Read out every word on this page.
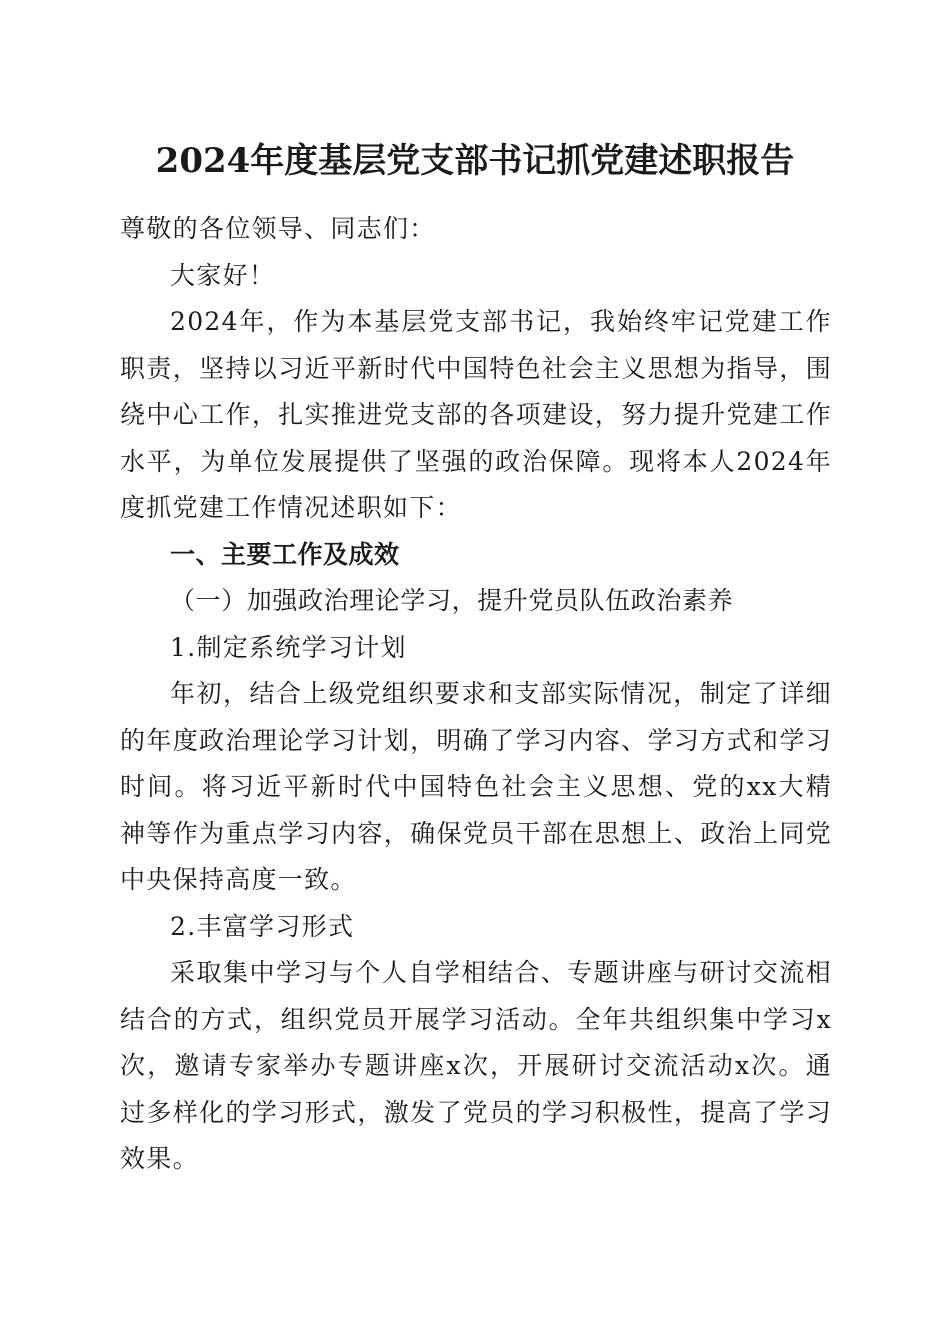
2024年度基层党支部书记抓党建述职报告

尊敬的各位领导、同志们：

大家好！

2024年，作为本基层党支部书记，我始终牢记党建工作职责，坚持以习近平新时代中国特色社会主义思想为指导，围绕中心工作，扎实推进党支部的各项建设，努力提升党建工作水平，为单位发展提供了坚强的政治保障。现将本人2024年度抓党建工作情况述职如下：

一、主要工作及成效

（一）加强政治理论学习，提升党员队伍政治素养

1.制定系统学习计划

年初，结合上级党组织要求和支部实际情况，制定了详细的年度政治理论学习计划，明确了学习内容、学习方式和学习时间。将习近平新时代中国特色社会主义思想、党的xx大精神等作为重点学习内容，确保党员干部在思想上、政治上同党中央保持高度一致。

2.丰富学习形式

采取集中学习与个人自学相结合、专题讲座与研讨交流相结合的方式，组织党员开展学习活动。全年共组织集中学习x次，邀请专家举办专题讲座x次，开展研讨交流活动x次。通过多样化的学习形式，激发了党员的学习积极性，提高了学习效果。
